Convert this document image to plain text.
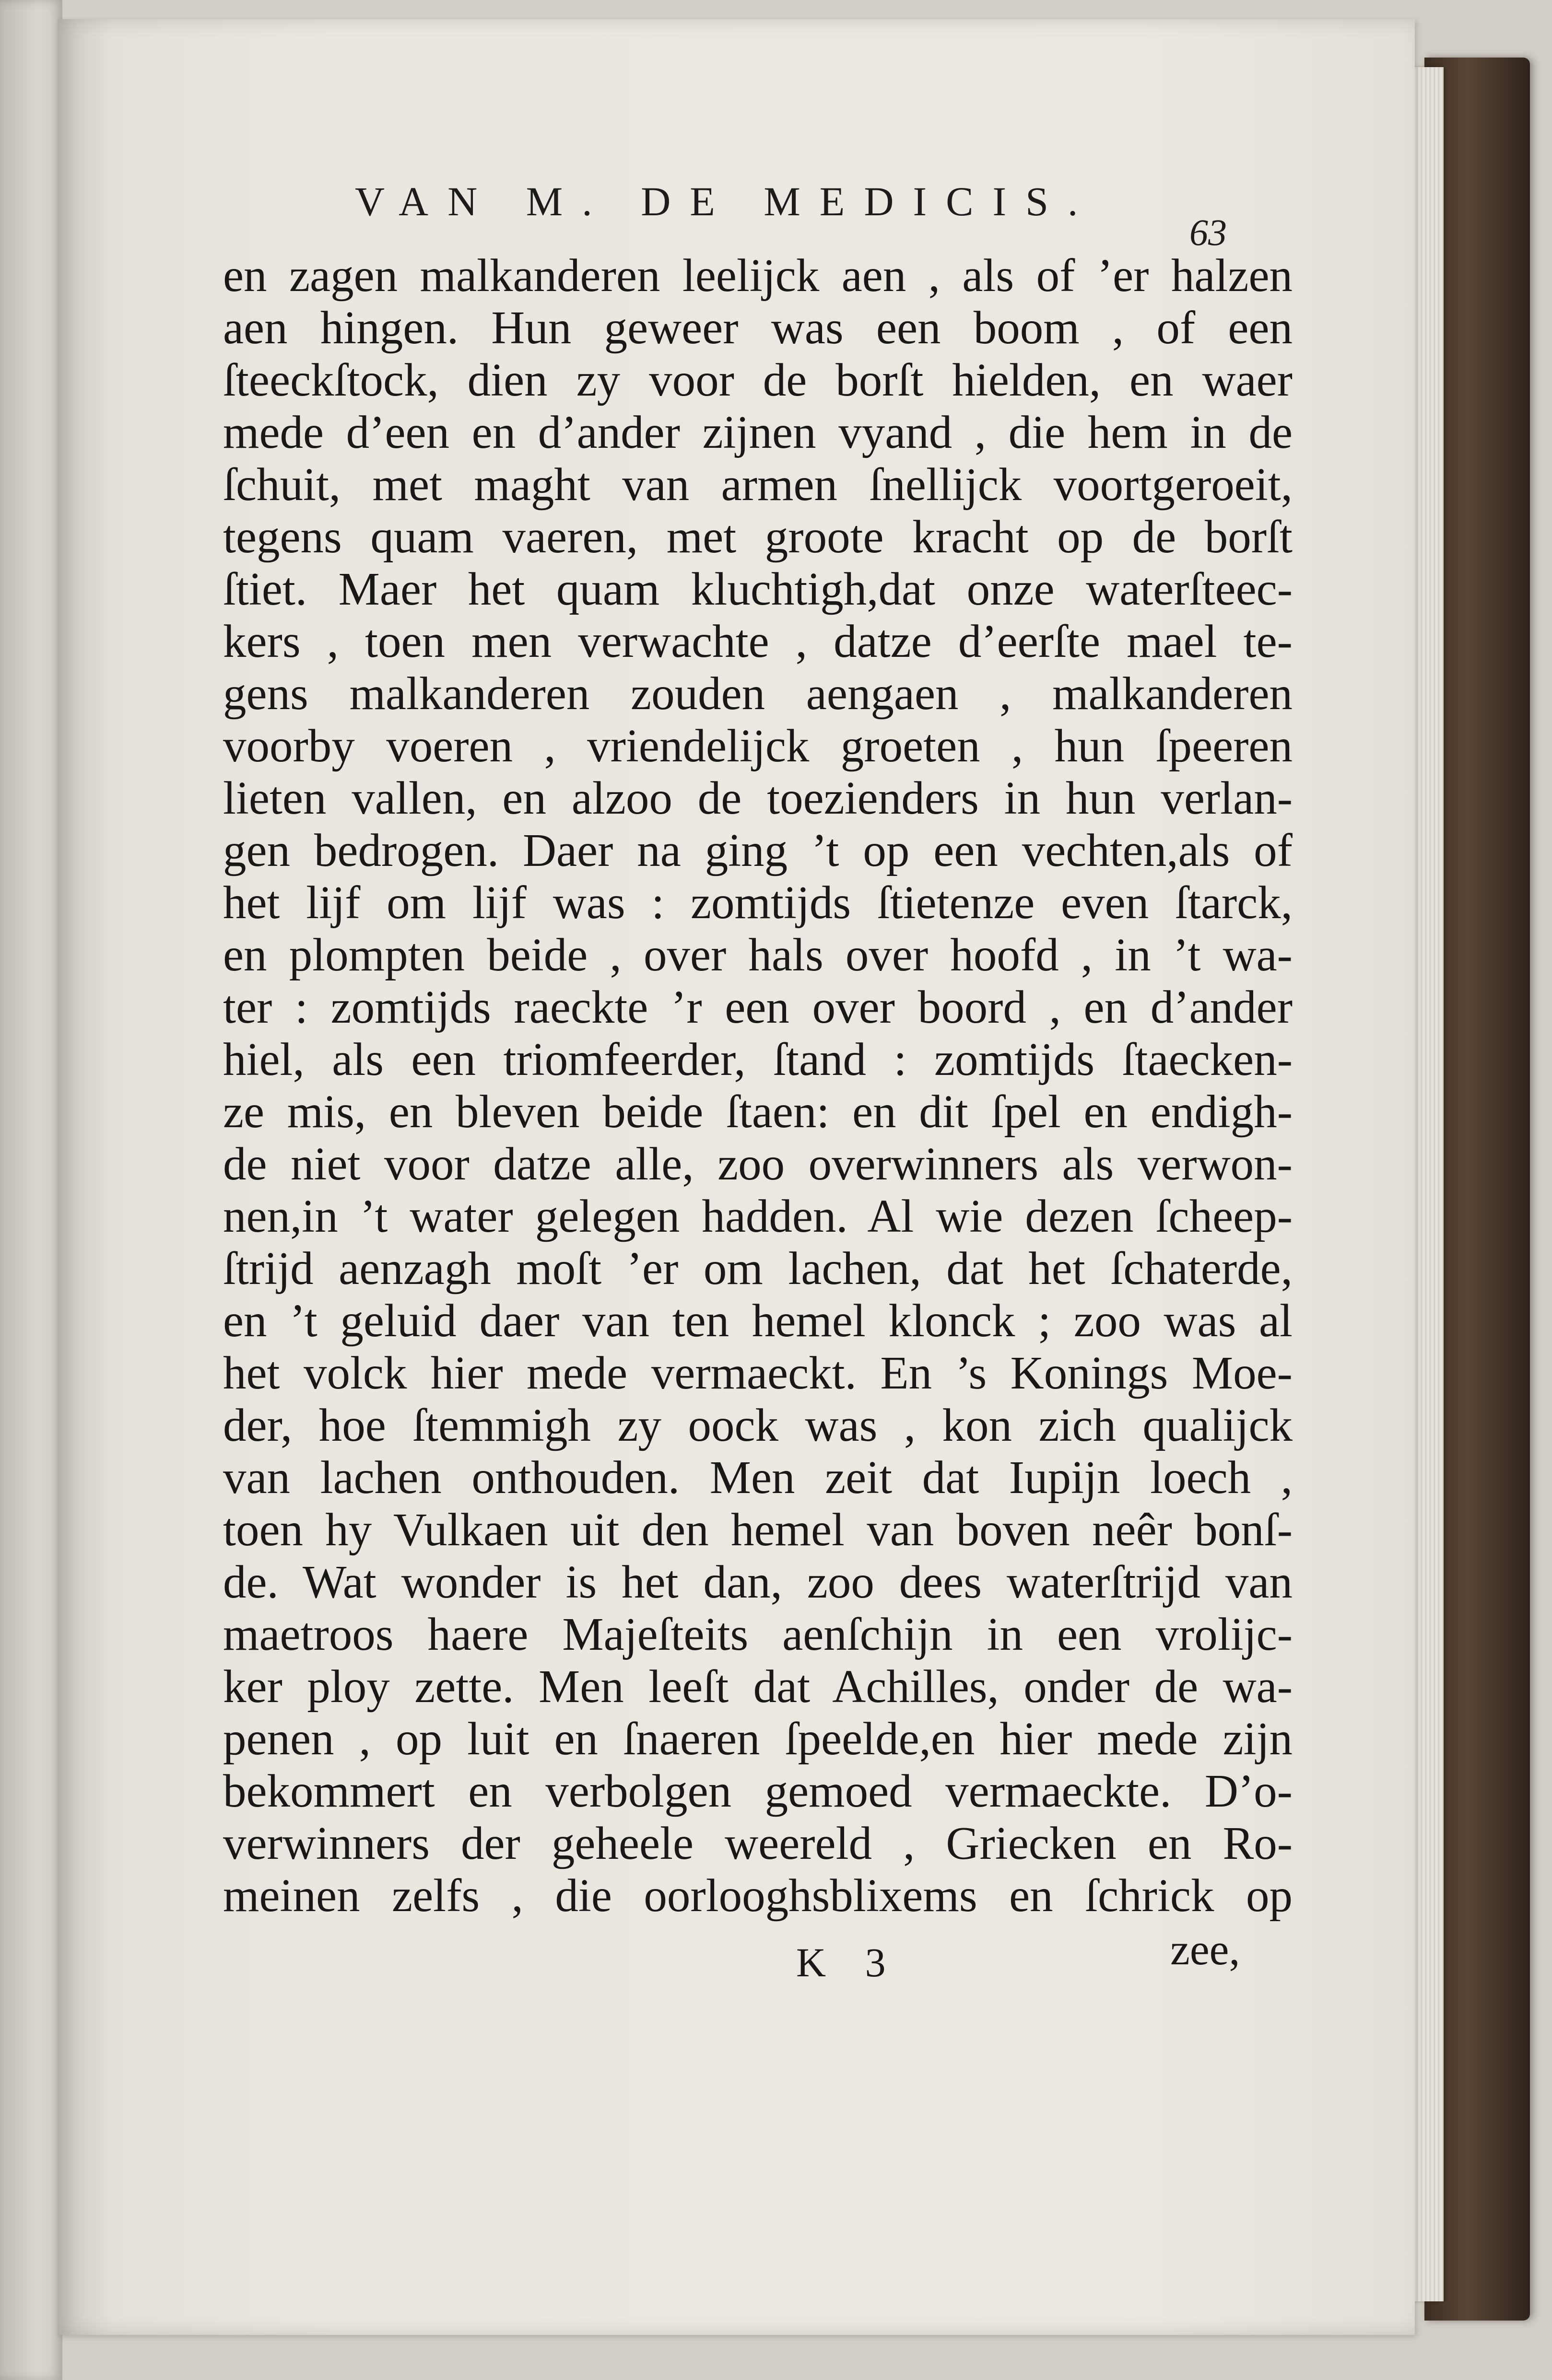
VAN M. DE MEDICIS.
63
en zagen malkanderen leelijck aen , als of ’er halzen
aen hingen. Hun geweer was een boom , of een
ſteeckſtock, dien zy voor de borſt hielden, en waer
mede d’een en d’ander zijnen vyand , die hem in de
ſchuit, met maght van armen ſnellijck voortgeroeit,
tegens quam vaeren, met groote kracht op de borſt
ſtiet. Maer het quam kluchtigh,dat onze waterſteec-
kers , toen men verwachte , datze d’eerſte mael te-
gens malkanderen zouden aengaen , malkanderen
voorby voeren , vriendelijck groeten , hun ſpeeren
lieten vallen, en alzoo de toezienders in hun verlan-
gen bedrogen. Daer na ging ’t op een vechten,als of
het lijf om lijf was : zomtijds ſtietenze even ſtarck,
en plompten beide , over hals over hoofd , in ’t wa-
ter : zomtijds raeckte ’r een over boord , en d’ander
hiel, als een triomfeerder, ſtand : zomtijds ſtaecken-
ze mis, en bleven beide ſtaen: en dit ſpel en endigh-
de niet voor datze alle, zoo overwinners als verwon-
nen,in ’t water gelegen hadden. Al wie dezen ſcheep-
ſtrijd aenzagh moſt ’er om lachen, dat het ſchaterde,
en ’t geluid daer van ten hemel klonck ; zoo was al
het volck hier mede vermaeckt. En ’s Konings Moe-
der, hoe ſtemmigh zy oock was , kon zich qualijck
van lachen onthouden. Men zeit dat Iupijn loech ,
toen hy Vulkaen uit den hemel van boven neêr bonſ-
de. Wat wonder is het dan, zoo dees waterſtrijd van
maetroos haere Majeſteits aenſchijn in een vrolijc-
ker ploy zette. Men leeſt dat Achilles, onder de wa-
penen , op luit en ſnaeren ſpeelde,en hier mede zijn
bekommert en verbolgen gemoed vermaeckte. D’o-
verwinners der geheele weereld , Griecken en Ro-
meinen zelfs , die oorlooghsblixems en ſchrick op
K 3	zee,
